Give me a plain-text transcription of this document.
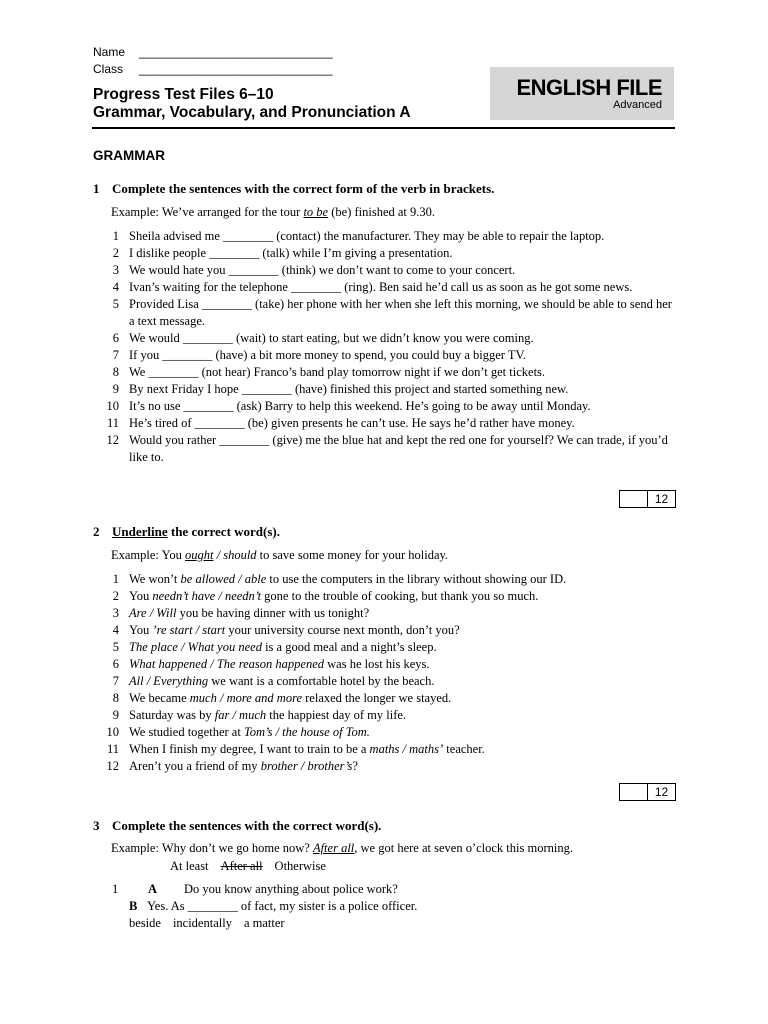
Name _____________________________
Class _____________________________
Progress Test Files 6–10
Grammar, Vocabulary, and Pronunciation A
ENGLISH FILE
Advanced
GRAMMAR
1 Complete the sentences with the correct form of the verb in brackets.
Example: We’ve arranged for the tour to be (be) finished at 9.30.
1 Sheila advised me ________ (contact) the manufacturer. They may be able to repair the laptop.
2 I dislike people ________ (talk) while I’m giving a presentation.
3 We would hate you ________ (think) we don’t want to come to your concert.
4 Ivan’s waiting for the telephone ________ (ring). Ben said he’d call us as soon as he got some news.
5 Provided Lisa ________ (take) her phone with her when she left this morning, we should be able to send her a text message.
6 We would ________ (wait) to start eating, but we didn’t know you were coming.
7 If you ________ (have) a bit more money to spend, you could buy a bigger TV.
8 We ________ (not hear) Franco’s band play tomorrow night if we don’t get tickets.
9 By next Friday I hope ________ (have) finished this project and started something new.
10 It’s no use ________ (ask) Barry to help this weekend. He’s going to be away until Monday.
11 He’s tired of ________ (be) given presents he can’t use. He says he’d rather have money.
12 Would you rather ________ (give) me the blue hat and kept the red one for yourself? We can trade, if you’d like to.
12
2 Underline the correct word(s).
Example: You ought / should to save some money for your holiday.
1 We won’t be allowed / able to use the computers in the library without showing our ID.
2 You needn’t have / needn’t gone to the trouble of cooking, but thank you so much.
3 Are / Will you be having dinner with us tonight?
4 You ’re start / start your university course next month, don’t you?
5 The place / What you need is a good meal and a night’s sleep.
6 What happened / The reason happened was he lost his keys.
7 All / Everything we want is a comfortable hotel by the beach.
8 We became much / more and more relaxed the longer we stayed.
9 Saturday was by far / much the happiest day of my life.
10 We studied together at Tom’s / the house of Tom.
11 When I finish my degree, I want to train to be a maths / maths’ teacher.
12 Aren’t you a friend of my brother / brother’s?
12
3 Complete the sentences with the correct word(s).
Example: Why don’t we go home now? After all, we got here at seven o’clock this morning.
At least After all Otherwise
1 A Do you know anything about police work?
B Yes. As ________ of fact, my sister is a police officer.
beside incidentally a matter
